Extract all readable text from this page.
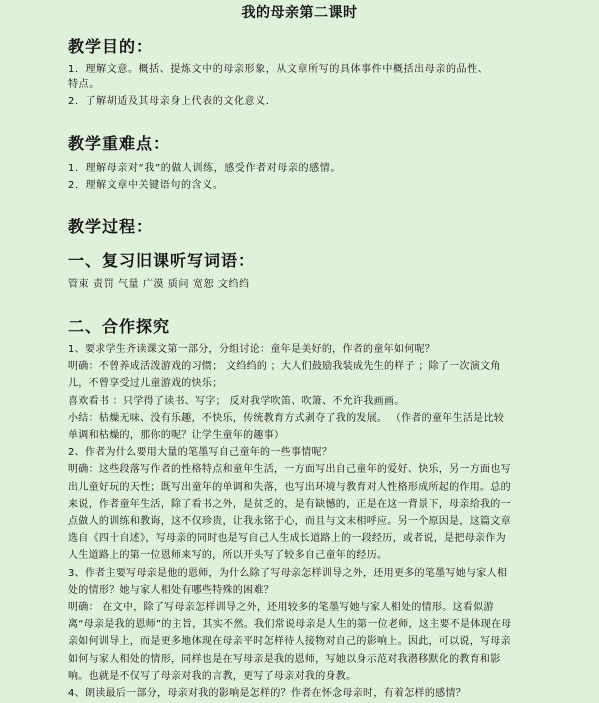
我的母亲第二课时
教学目的：
1．理解文意。概括、提炼文中的母亲形象，从文章所写的具体事件中概括出母亲的品性、
特点。
2．了解胡适及其母亲身上代表的文化意义．
教学重难点：
1．理解母亲对“我”的做人训练，感受作者对母亲的感情。
2．理解文章中关键语句的含义。
教学过程：
一、复习旧课听写词语：
管束 责罚 气量 广漠 质问 宽恕 文绉绉
二、合作探究

1、要求学生齐读课文第一部分，分组讨论：童年是美好的，作者的童年如何呢？

明确：不曾养成活泼游戏的习惯； 文绉绉的 ；大人们鼓励我装成先生的样子 ；除了一次演文角儿，不曾享受过儿童游戏的快乐；

喜欢看书 ：只学得了读书、写字； 反对我学吹笛、吹箫、不允许我画画。

小结：枯燥无味、没有乐趣，不快乐，传统教育方式剥夺了我的发展。 （作者的童年生活是比较单调和枯燥的，那你的呢？让学生童年的趣事）

2、作者为什么要用大量的笔墨写自己童年的一些事情呢？

明确：这些段落写作者的性格特点和童年生活，一方面写出自己童年的爱好、快乐，另一方面也写出儿童好玩的天性；既写出童年的单调和失落，也写出环境与教育对人性格形成所起的作用。总的来说，作者童年生活，除了看书之外，是贫乏的，是有缺憾的，正是在这一背景下，母亲给我的一点做人的训练和教诲，这不仅珍贵，让我永铭于心，而且与文末相呼应。另一个原因是，这篇文章选自《四十自述》，写母亲的同时也是写自己人生成长道路上的一段经历，或者说，是把母亲作为人生道路上的第一位恩师来写的，所以开头写了较多自己童年的经历。

3、作者主要写母亲是他的恩师，为什么除了写母亲怎样训导之外，还用更多的笔墨写她与家人相处的情形？她与家人相处有哪些特殊的困难？

明确： 在文中，除了写母亲怎样训导之外，还用较多的笔墨写她与家人相处的情形。这看似游离“母亲是我的恩师”的主旨，其实不然。我们常说母亲是人生的第一位老师，这主要不是体现在母亲如何训导上，而是更多地体现在母亲平时怎样待人接物对自己的影响上。因此，可以说，写母亲如何与家人相处的情形，同样也是在写母亲是我的恩师，写她以身示范对我潜移默化的教育和影响。也就是不仅写了母亲对我的言教，更写了母亲对我的身教。

4、朗读最后一部分，母亲对我的影响是怎样的？作者在怀念母亲时，有着怎样的感情？
